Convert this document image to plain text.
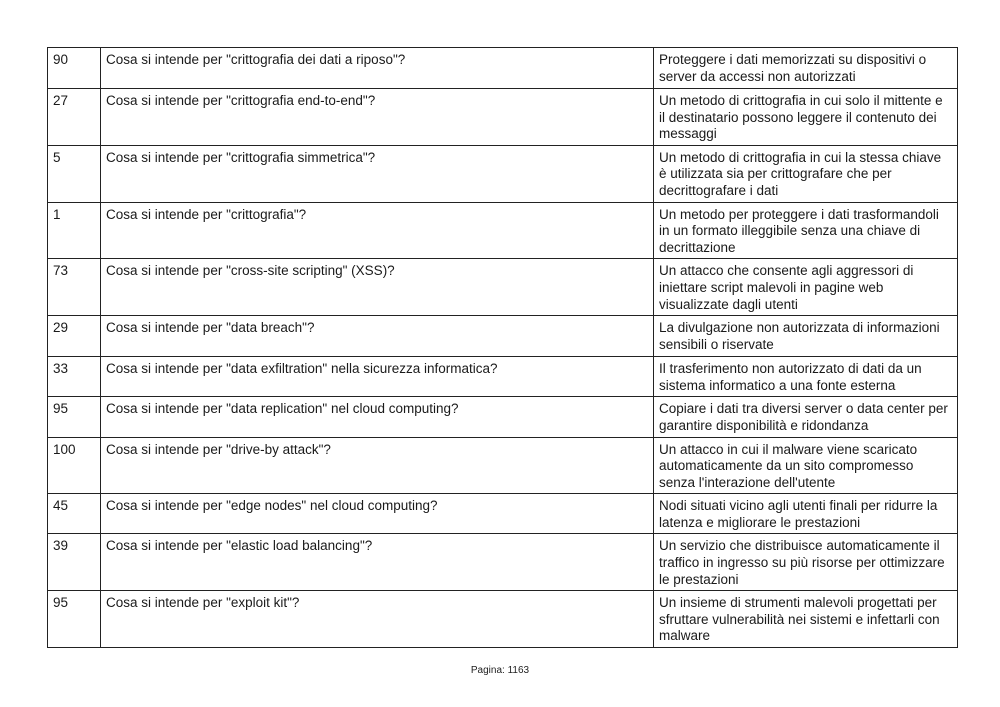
90	Cosa si intende per "crittografia dei dati a riposo"?	Proteggere i dati memorizzati su dispositivi o server da accessi non autorizzati
27	Cosa si intende per "crittografia end-to-end"?	Un metodo di crittografia in cui solo il mittente e il destinatario possono leggere il contenuto dei messaggi
5	Cosa si intende per "crittografia simmetrica"?	Un metodo di crittografia in cui la stessa chiave è utilizzata sia per crittografare che per decrittografare i dati
1	Cosa si intende per "crittografia"?	Un metodo per proteggere i dati trasformandoli in un formato illeggibile senza una chiave di decrittazione
73	Cosa si intende per "cross-site scripting" (XSS)?	Un attacco che consente agli aggressori di iniettare script malevoli in pagine web visualizzate dagli utenti
29	Cosa si intende per "data breach"?	La divulgazione non autorizzata di informazioni sensibili o riservate
33	Cosa si intende per "data exfiltration" nella sicurezza informatica?	Il trasferimento non autorizzato di dati da un sistema informatico a una fonte esterna
95	Cosa si intende per "data replication" nel cloud computing?	Copiare i dati tra diversi server o data center per garantire disponibilità e ridondanza
100	Cosa si intende per "drive-by attack"?	Un attacco in cui il malware viene scaricato automaticamente da un sito compromesso senza l'interazione dell'utente
45	Cosa si intende per "edge nodes" nel cloud computing?	Nodi situati vicino agli utenti finali per ridurre la latenza e migliorare le prestazioni
39	Cosa si intende per "elastic load balancing"?	Un servizio che distribuisce automaticamente il traffico in ingresso su più risorse per ottimizzare le prestazioni
95	Cosa si intende per "exploit kit"?	Un insieme di strumenti malevoli progettati per sfruttare vulnerabilità nei sistemi e infettarli con malware
Pagina: 1163
